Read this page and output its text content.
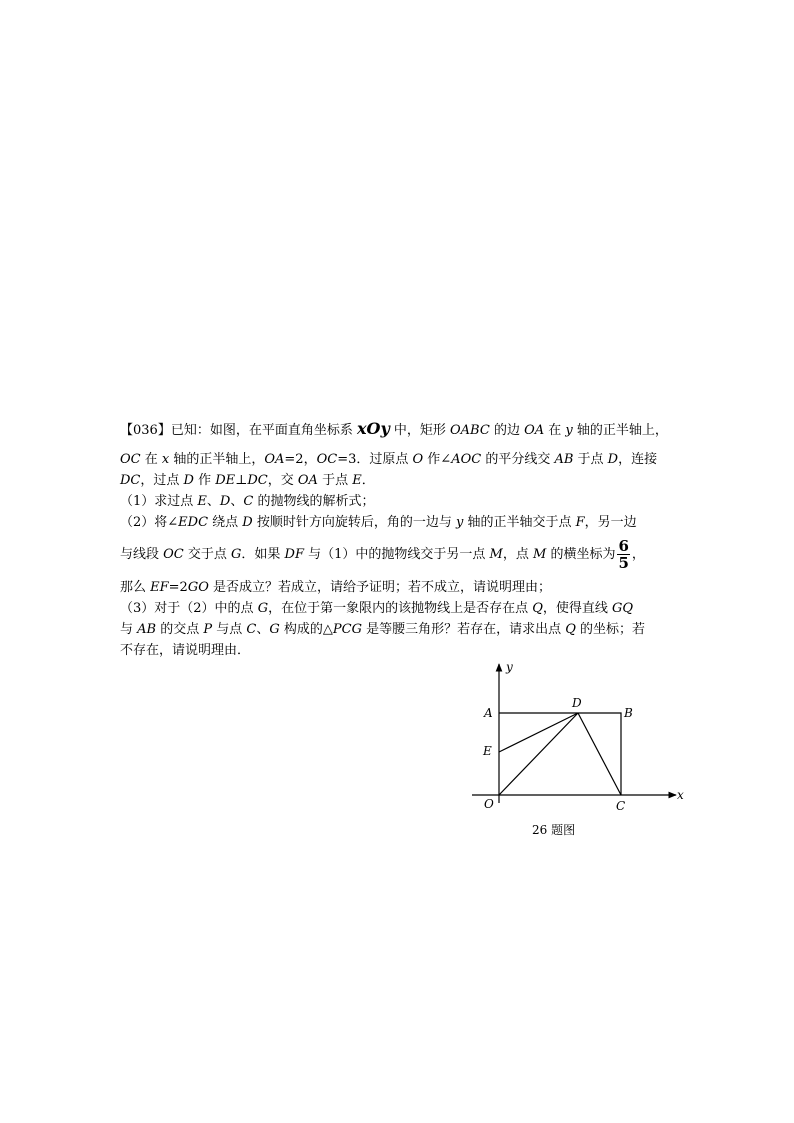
【036】已知：如图，在平面直角坐标系 xOy 中，矩形 OABC 的边 OA 在 y 轴的正半轴上，
OC 在 x 轴的正半轴上，OA=2，OC=3．过原点 O 作∠AOC 的平分线交 AB 于点 D，连接
DC，过点 D 作 DE⊥DC，交 OA 于点 E．
（1）求过点 E、D、C 的抛物线的解析式；
（2）将∠EDC 绕点 D 按顺时针方向旋转后，角的一边与 y 轴的正半轴交于点 F，另一边
与线段 OC 交于点 G．如果 DF 与（1）中的抛物线交于另一点 M，点 M 的横坐标为 $\frac{6}{5}$ ，
那么 EF=2GO 是否成立？若成立，请给予证明；若不成立，请说明理由；
（3）对于（2）中的点 G，在位于第一象限内的该抛物线上是否存在点 Q，使得直线 GQ
与 AB 的交点 P 与点 C、G 构成的△PCG 是等腰三角形？若存在，请求出点 Q 的坐标；若
不存在，请说明理由．
y
x
A	B
D
E
O	C
26 题图
